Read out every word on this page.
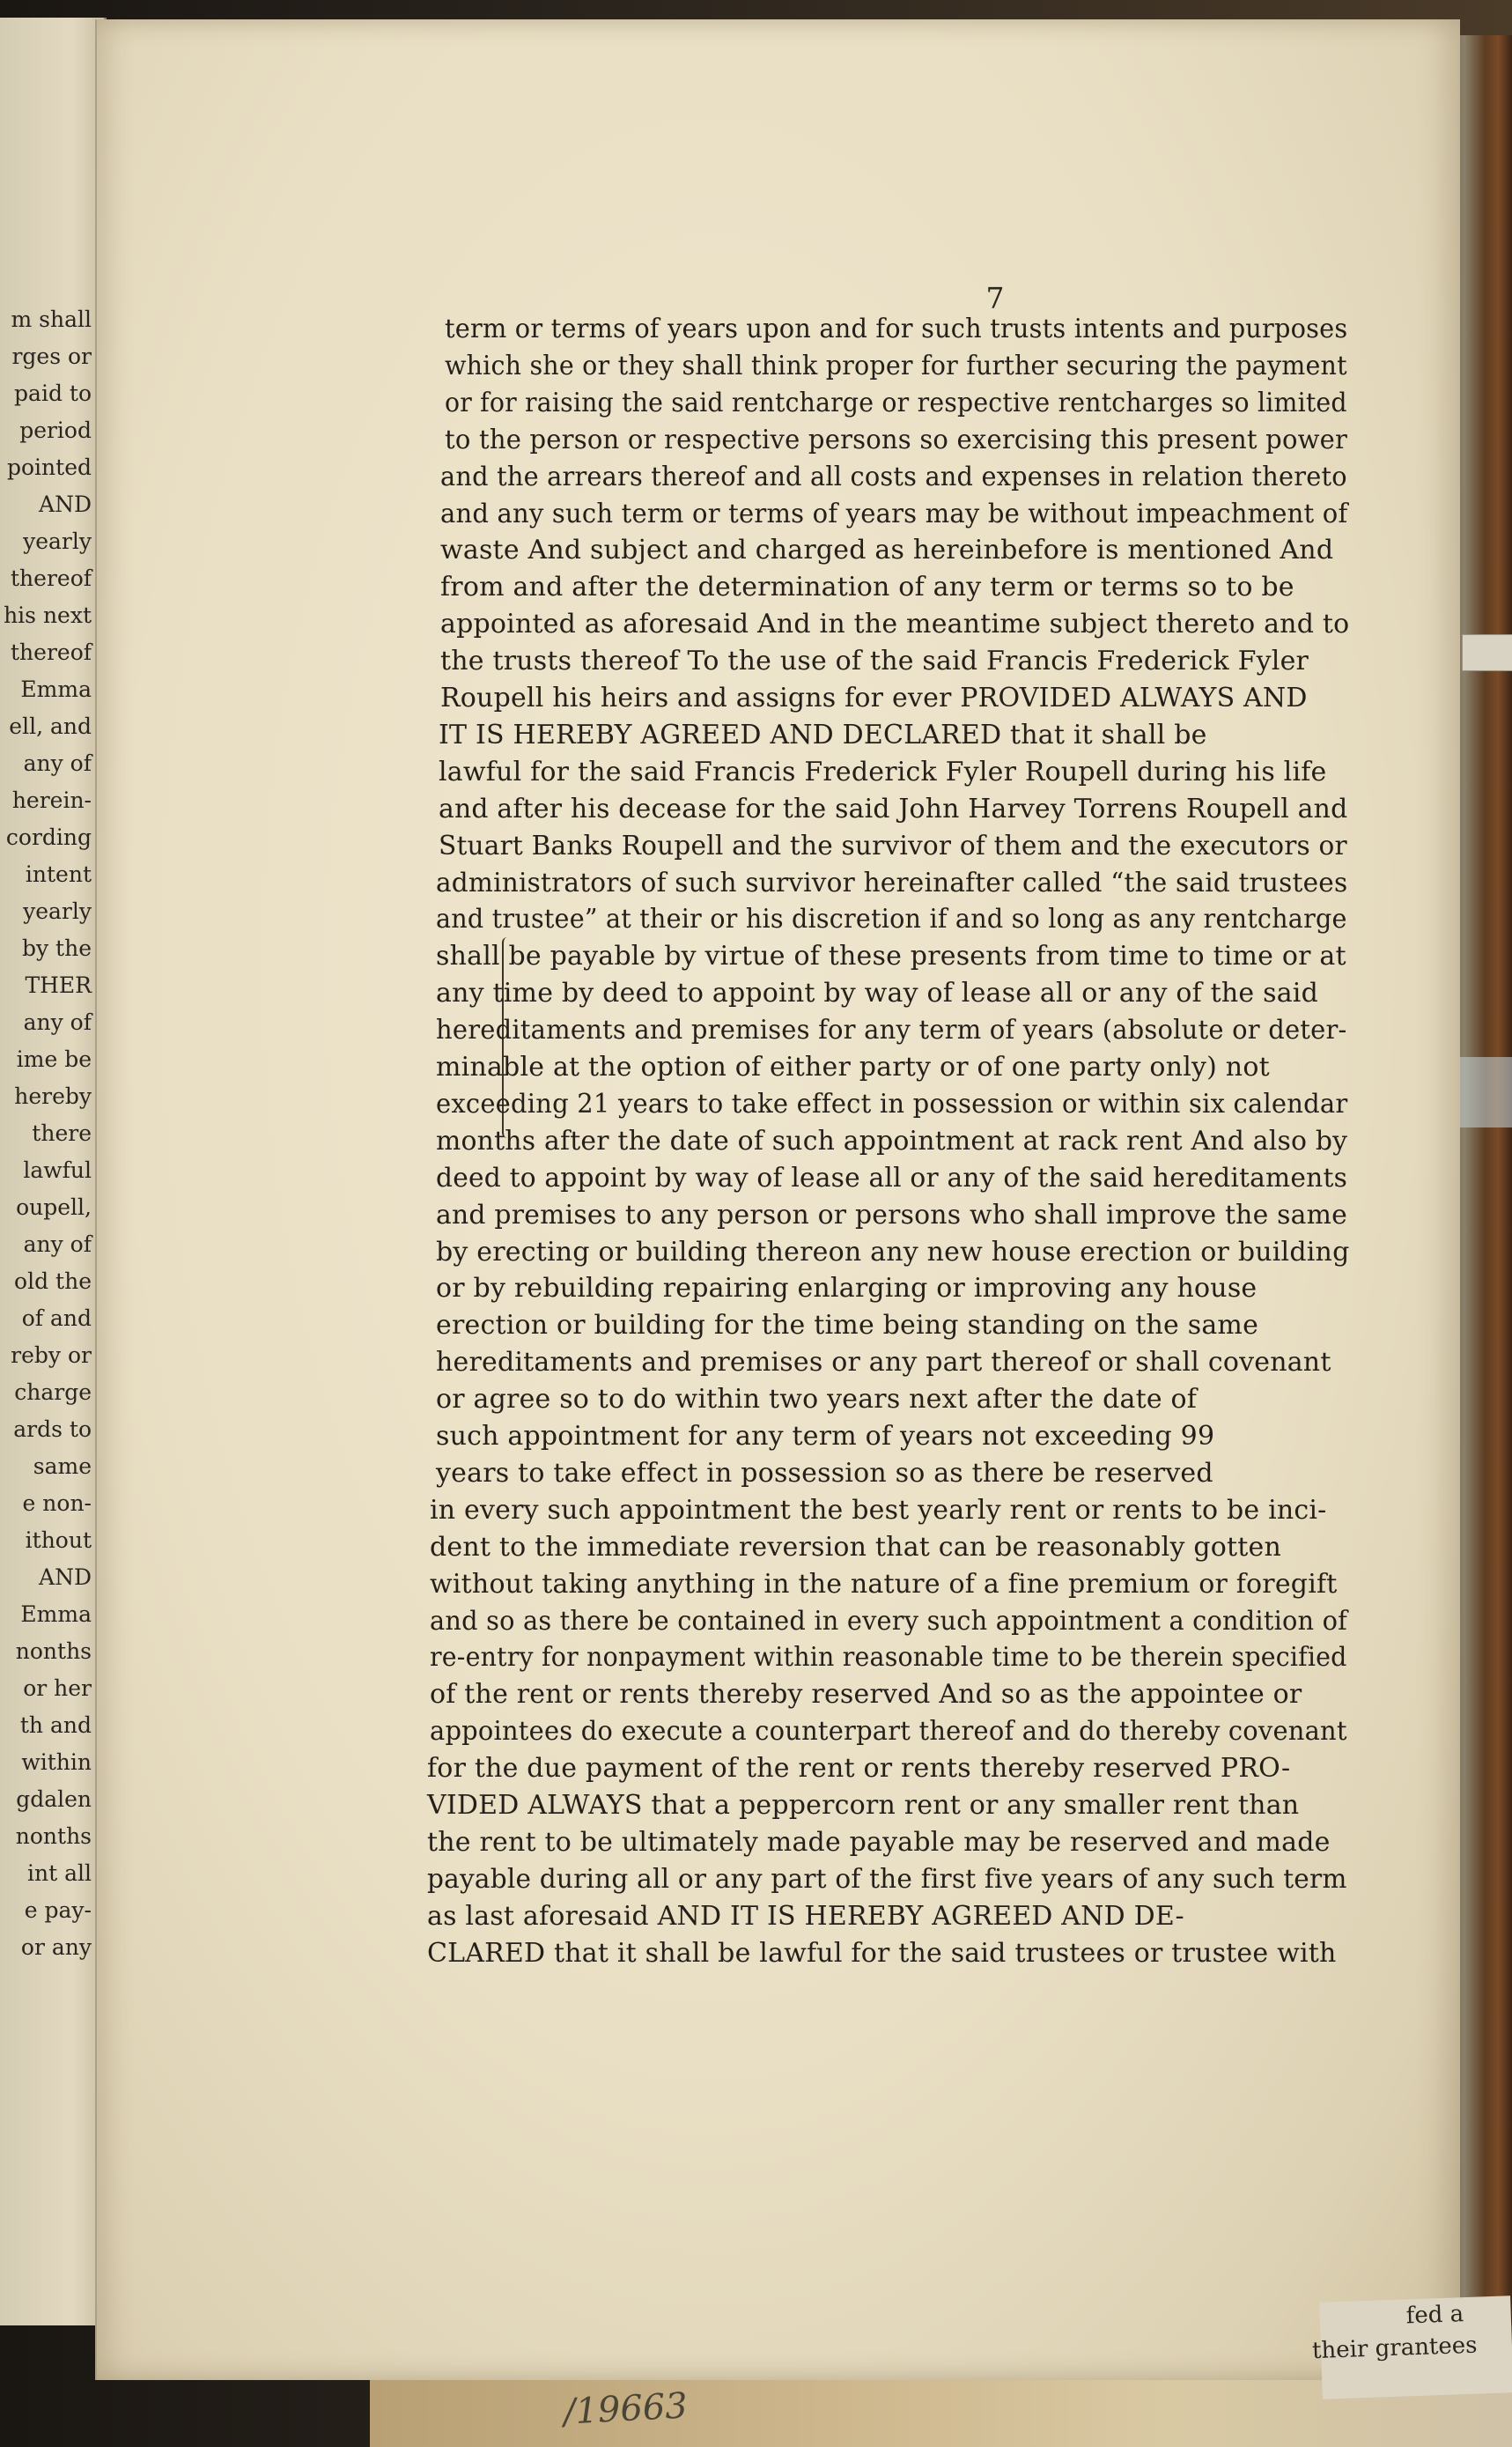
/19663
m shall
rges or
paid to
period
pointed
AND
yearly
thereof
his next
thereof
Emma
ell, and
any of
herein-
cording
intent
yearly
by the
THER
any of
ime be
hereby
there
lawful
oupell,
any of
old the
of and
reby or
charge
ards to
same
e non-
ithout
AND
Emma
nonths
or her
th and
within
gdalen
nonths
int all
e pay-
or any
7
term or terms of years upon and for such trusts intents and purposes
which she or they shall think proper for further securing the payment
or for raising the said rentcharge or respective rentcharges so limited
to the person or respective persons so exercising this present power
and the arrears thereof and all costs and expenses in relation thereto
and any such term or terms of years may be without impeachment of
waste And subject and charged as hereinbefore is mentioned And
from and after the determination of any term or terms so to be
appointed as aforesaid And in the meantime subject thereto and to
the trusts thereof To the use of the said Francis Frederick Fyler
Roupell his heirs and assigns for ever PROVIDED ALWAYS AND
IT IS HEREBY AGREED AND DECLARED that it shall be
lawful for the said Francis Frederick Fyler Roupell during his life
and after his decease for the said John Harvey Torrens Roupell and
Stuart Banks Roupell and the survivor of them and the executors or
administrators of such survivor hereinafter called “the said trustees
and trustee” at their or his discretion if and so long as any rentcharge
shall be payable by virtue of these presents from time to time or at
any time by deed to appoint by way of lease all or any of the said
hereditaments and premises for any term of years (absolute or deter-
minable at the option of either party or of one party only) not
exceeding 21 years to take effect in possession or within six calendar
months after the date of such appointment at rack rent And also by
deed to appoint by way of lease all or any of the said hereditaments
and premises to any person or persons who shall improve the same
by erecting or building thereon any new house erection or building
or by rebuilding repairing enlarging or improving any house
erection or building for the time being standing on the same
hereditaments and premises or any part thereof or shall covenant
or agree so to do within two years next after the date of
such appointment for any term of years not exceeding 99
years to take effect in possession so as there be reserved
in every such appointment the best yearly rent or rents to be inci-
dent to the immediate reversion that can be reasonably gotten
without taking anything in the nature of a fine premium or foregift
and so as there be contained in every such appointment a condition of
re-entry for nonpayment within reasonable time to be therein specified
of the rent or rents thereby reserved And so as the appointee or
appointees do execute a counterpart thereof and do thereby covenant
for the due payment of the rent or rents thereby reserved PRO-
VIDED ALWAYS that a peppercorn rent or any smaller rent than
the rent to be ultimately made payable may be reserved and made
payable during all or any part of the first five years of any such term
as last aforesaid AND IT IS HEREBY AGREED AND DE-
CLARED that it shall be lawful for the said trustees or trustee with
fed a
their grantees
